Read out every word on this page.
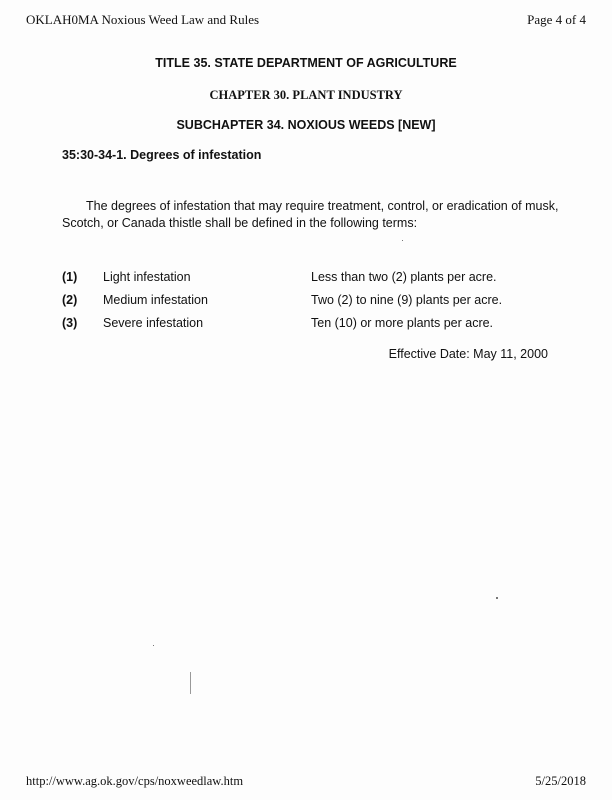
OKLAH0MA Noxious Weed Law and Rules	Page 4 of 4
TITLE 35. STATE DEPARTMENT OF AGRICULTURE
CHAPTER 30. PLANT INDUSTRY
SUBCHAPTER 34. NOXIOUS WEEDS [NEW]
35:30-34-1. Degrees of infestation
The degrees of infestation that may require treatment, control, or eradication of musk, Scotch, or Canada thistle shall be defined in the following terms:
(1) Light infestation	Less than two (2) plants per acre.
(2) Medium infestation	Two (2) to nine (9) plants per acre.
(3) Severe infestation	Ten (10) or more plants per acre.
Effective Date: May 11, 2000
http://www.ag.ok.gov/cps/noxweedlaw.htm	5/25/2018
